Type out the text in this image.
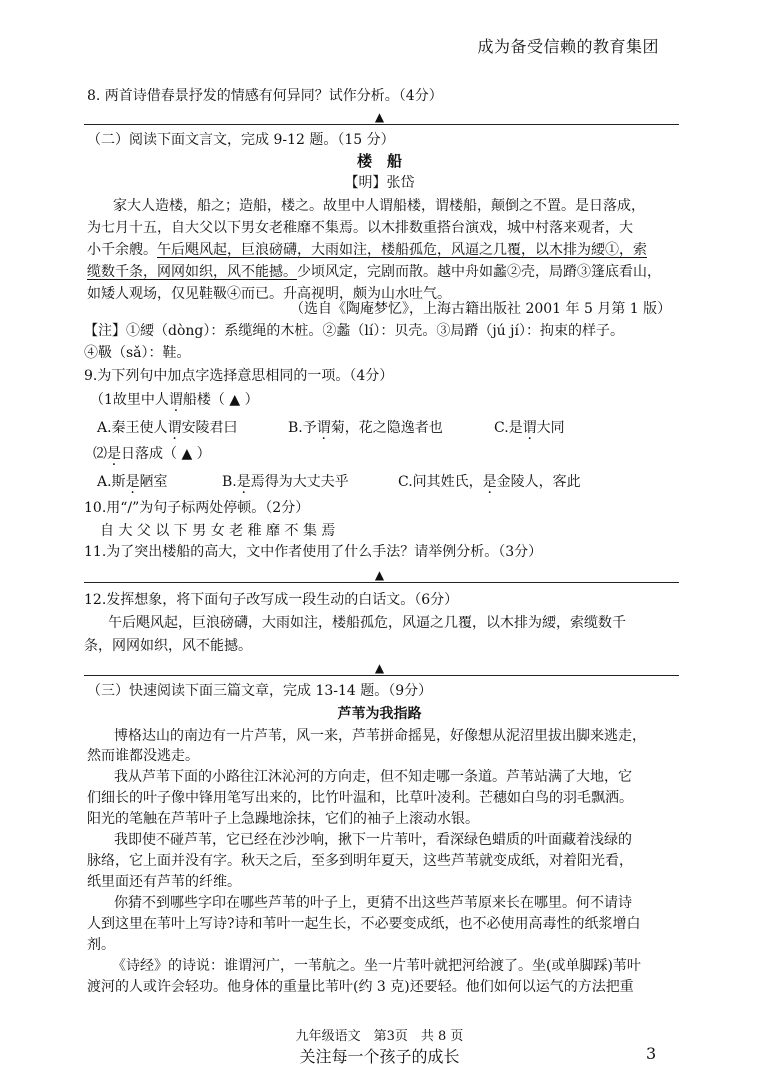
成为备受信赖的教育集团
8. 两首诗借春景抒发的情感有何异同？试作分析。（4分）
▲
（二）阅读下面文言文，完成 9-12 题。（15 分）
楼　船
【明】张岱
家大人造楼，船之；造船，楼之。故里中人谓船楼，谓楼船，颠倒之不置。是日落成，
为七月十五，自大父以下男女老稚靡不集焉。以木排数重搭台演戏，城中村落来观者，大
小千余艘。午后飓风起，巨浪磅礴，大雨如注，楼船孤危，风逼之几覆，以木排为䌁①，索
缆数千条，网网如织，风不能撼。少顷风定，完剧而散。越中舟如蠡②壳，局蹐③篷底看山，
如矮人观场，仅见鞋靸④而已。升高视明，颇为山水吐气。
（选自《陶庵梦忆》，上海古籍出版社 2001 年 5 月第 1 版）
【注】①䌁（dòng）：系缆绳的木桩。②蠡（lí）：贝壳。③局蹐（jú jí）：拘束的样子。
④靸（sǎ）：鞋。
9.为下列句中加点字选择意思相同的一项。（4分）
（1故里中人谓船楼（ ▲ ）
A.秦王使人谓安陵君曰	B.予谓菊，花之隐逸者也	C.是谓大同
⑵是日落成（ ▲ ）
A.斯是陋室	B.是焉得为大丈夫乎	C.问其姓氏，是金陵人，客此
10.用“/”为句子标两处停顿。（2分）
自 大 父 以 下 男 女 老 稚 靡 不 集 焉
11.为了突出楼船的高大，文中作者使用了什么手法？请举例分析。（3分）
▲
12.发挥想象，将下面句子改写成一段生动的白话文。（6分）
午后飓风起，巨浪磅礴，大雨如注，楼船孤危，风逼之几覆，以木排为䌁，索缆数千
条，网网如织，风不能撼。
▲
（三）快速阅读下面三篇文章，完成 13-14 题。（9分）
芦苇为我指路
博格达山的南边有一片芦苇，风一来，芦苇拼命摇晃，好像想从泥沼里拔出脚来逃走，
然而谁都没逃走。
我从芦苇下面的小路往江沐沁河的方向走，但不知走哪一条道。芦苇站满了大地，它
们细长的叶子像中锋用笔写出来的，比竹叶温和，比草叶凌利。芒穗如白鸟的羽毛飘洒。
阳光的笔触在芦苇叶子上急躁地涂抹，它们的袖子上滚动水银。
我即使不碰芦苇，它已经在沙沙响，揪下一片苇叶，看深绿色蜡质的叶面藏着浅绿的
脉络，它上面并没有字。秋天之后，至多到明年夏天，这些芦苇就变成纸，对着阳光看，
纸里面还有芦苇的纤维。
你猜不到哪些字印在哪些芦苇的叶子上，更猜不出这些芦苇原来长在哪里。何不请诗
人到这里在苇叶上写诗?诗和苇叶一起生长，不必要变成纸，也不必使用高毒性的纸浆增白
剂。
《诗经》的诗说：谁谓河广，一苇航之。坐一片苇叶就把河给渡了。坐(或单脚踩)苇叶
渡河的人或许会轻功。他身体的重量比苇叶(约 3 克)还要轻。他们如何以运气的方法把重
九年级语文　第3页　共 8 页
关注每一个孩子的成长	3
